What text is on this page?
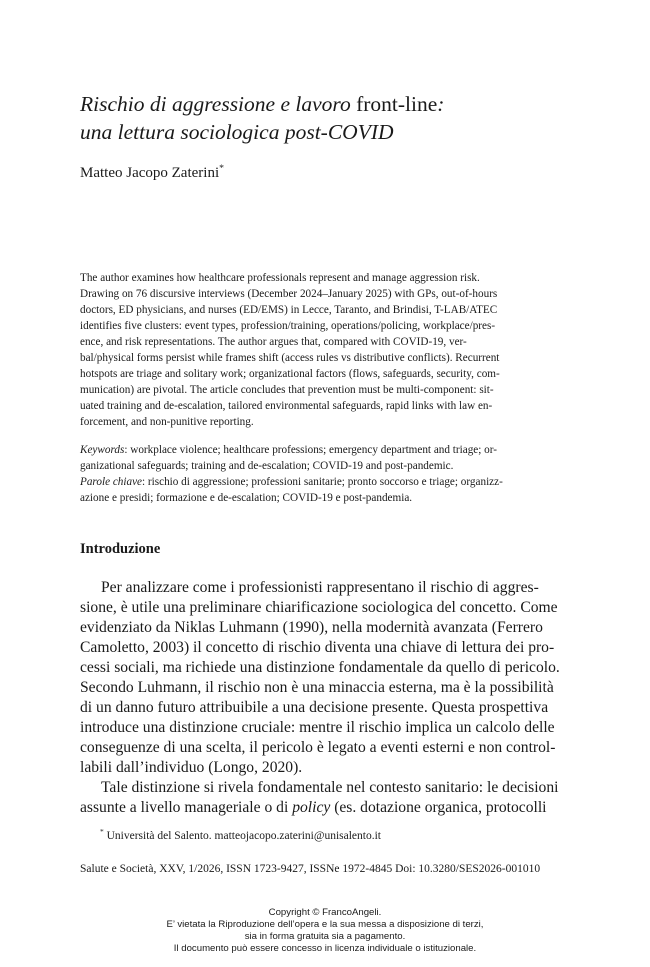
Rischio di aggressione e lavoro front-line:
una lettura sociologica post-COVID
Matteo Jacopo Zaterini*
The author examines how healthcare professionals represent and manage aggression risk.
Drawing on 76 discursive interviews (December 2024–January 2025) with GPs, out-of-hours
doctors, ED physicians, and nurses (ED/EMS) in Lecce, Taranto, and Brindisi, T-LAB/ATEC
identifies five clusters: event types, profession/training, operations/policing, workplace/pres-
ence, and risk representations. The author argues that, compared with COVID-19, ver-
bal/physical forms persist while frames shift (access rules vs distributive conflicts). Recurrent
hotspots are triage and solitary work; organizational factors (flows, safeguards, security, com-
munication) are pivotal. The article concludes that prevention must be multi-component: sit-
uated training and de-escalation, tailored environmental safeguards, rapid links with law en-
forcement, and non-punitive reporting.
Keywords: workplace violence; healthcare professions; emergency department and triage; or-
ganizational safeguards; training and de-escalation; COVID-19 and post-pandemic.
Parole chiave: rischio di aggressione; professioni sanitarie; pronto soccorso e triage; organizz-
azione e presidi; formazione e de-escalation; COVID-19 e post-pandemia.
Introduzione
Per analizzare come i professionisti rappresentano il rischio di aggres-
sione, è utile una preliminare chiarificazione sociologica del concetto. Come
evidenziato da Niklas Luhmann (1990), nella modernità avanzata (Ferrero
Camoletto, 2003) il concetto di rischio diventa una chiave di lettura dei pro-
cessi sociali, ma richiede una distinzione fondamentale da quello di pericolo.
Secondo Luhmann, il rischio non è una minaccia esterna, ma è la possibilità
di un danno futuro attribuibile a una decisione presente. Questa prospettiva
introduce una distinzione cruciale: mentre il rischio implica un calcolo delle
conseguenze di una scelta, il pericolo è legato a eventi esterni e non control-
labili dall’individuo (Longo, 2020).
Tale distinzione si rivela fondamentale nel contesto sanitario: le decisioni
assunte a livello manageriale o di policy (es. dotazione organica, protocolli
* Università del Salento. matteojacopo.zaterini@unisalento.it
Salute e Società, XXV, 1/2026, ISSN 1723-9427, ISSNe 1972-4845 Doi: 10.3280/SES2026-001010
Copyright © FrancoAngeli.
E’ vietata la Riproduzione dell’opera e la sua messa a disposizione di terzi,
sia in forma gratuita sia a pagamento.
Il documento può essere concesso in licenza individuale o istituzionale.
